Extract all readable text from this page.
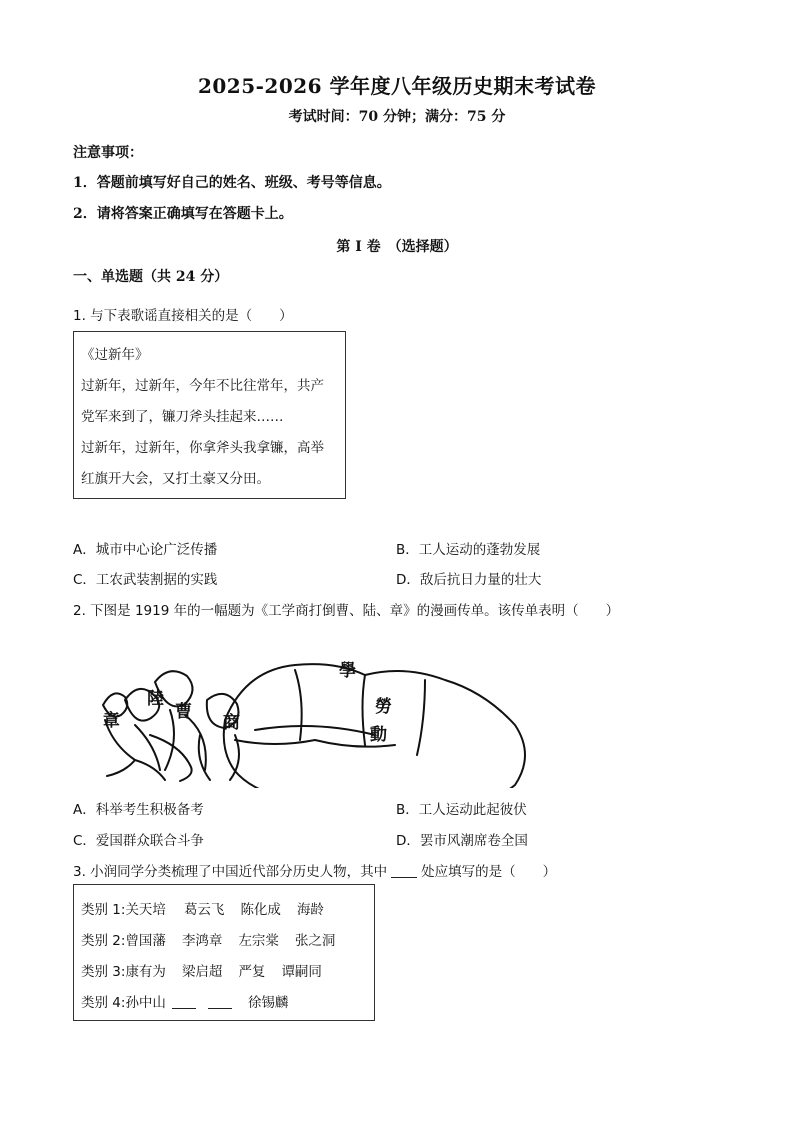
2025-2026 学年度八年级历史期末考试卷
考试时间：70 分钟；满分：75 分
注意事项：
1．答题前填写好自己的姓名、班级、考号等信息。
2．请将答案正确填写在答题卡上。
第 I 卷　（选择题）
一、单选题（共 24 分）
1. 与下表歌谣直接相关的是（　　）
《过新年》
过新年，过新年，今年不比往常年，共产
党军来到了，镰刀斧头挂起来……
过新年，过新年，你拿斧头我拿镰，高举
红旗开大会，又打土豪又分田。
A．城市中心论广泛传播	B．工人运动的蓬勃发展
C．工农武装割据的实践	D．敌后抗日力量的壮大
2. 下图是 1919 年的一幅题为《工学商打倒曹、陆、章》的漫画传单。该传单表明（　　）
章
陸
曹
商
學
勞
動
A．科举考生积极备考	B．工人运动此起彼伏
C．爱国群众联合斗争	D．罢市风潮席卷全国
3. 小润同学分类梳理了中国近代部分历史人物，其中	处应填写的是（　　）
类别 1:关天培 葛云飞 陈化成 海龄
类别 2:曾国藩 李鸿章 左宗棠 张之洞
类别 3:康有为 梁启超 严复 谭嗣同
类别 4:孙中山	徐锡麟
